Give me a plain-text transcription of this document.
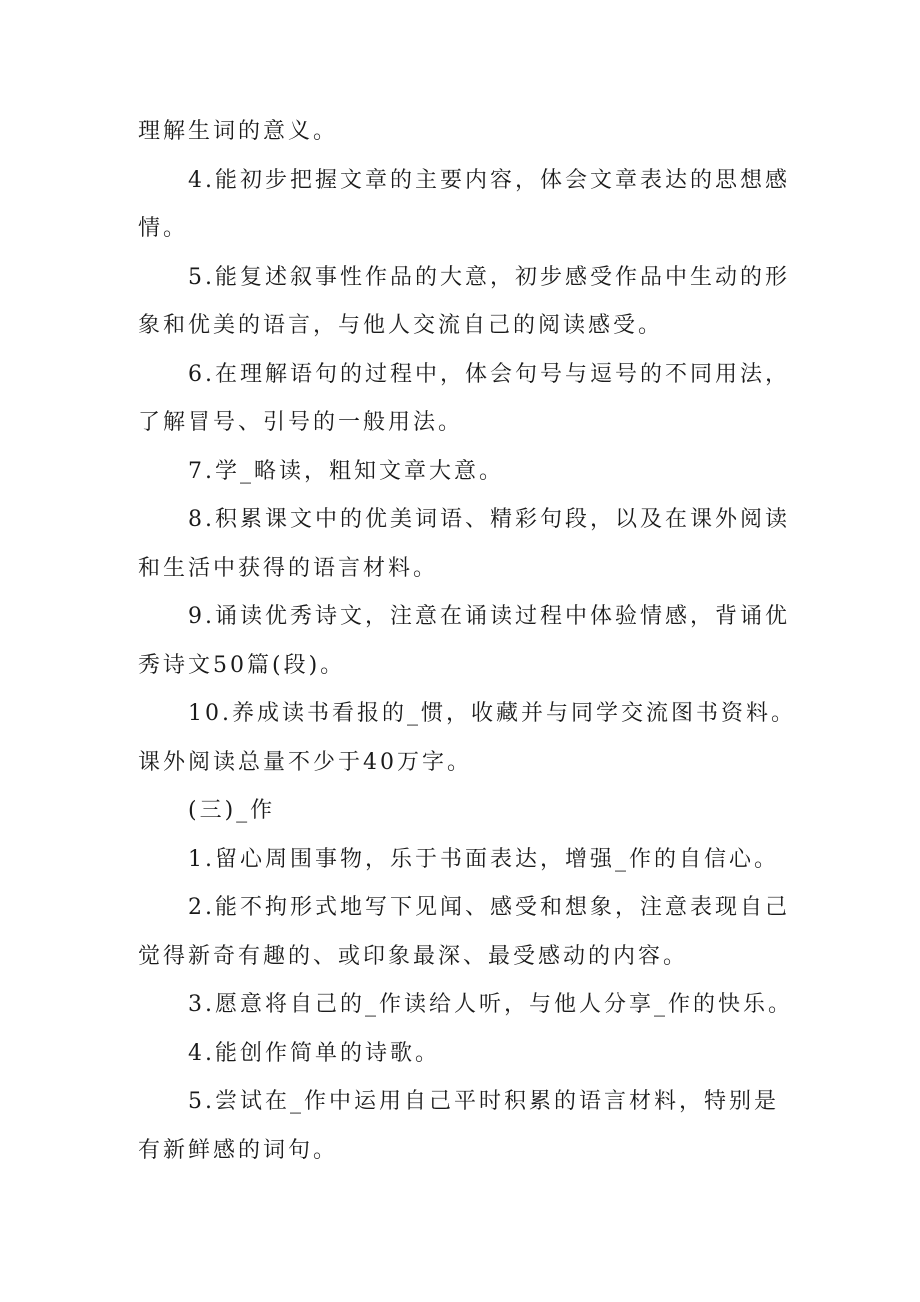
理解生词的意义。

4.能初步把握文章的主要内容，体会文章表达的思想感情。

5.能复述叙事性作品的大意，初步感受作品中生动的形象和优美的语言，与他人交流自己的阅读感受。

6.在理解语句的过程中，体会句号与逗号的不同用法，了解冒号、引号的一般用法。

7.学_略读，粗知文章大意。

8.积累课文中的优美词语、精彩句段，以及在课外阅读和生活中获得的语言材料。

9.诵读优秀诗文，注意在诵读过程中体验情感，背诵优秀诗文50篇(段)。

10.养成读书看报的_惯，收藏并与同学交流图书资料。课外阅读总量不少于40万字。

(三)_作

1.留心周围事物，乐于书面表达，增强_作的自信心。

2.能不拘形式地写下见闻、感受和想象，注意表现自己觉得新奇有趣的、或印象最深、最受感动的内容。

3.愿意将自己的_作读给人听，与他人分享_作的快乐。

4.能创作简单的诗歌。

5.尝试在_作中运用自己平时积累的语言材料，特别是有新鲜感的词句。
